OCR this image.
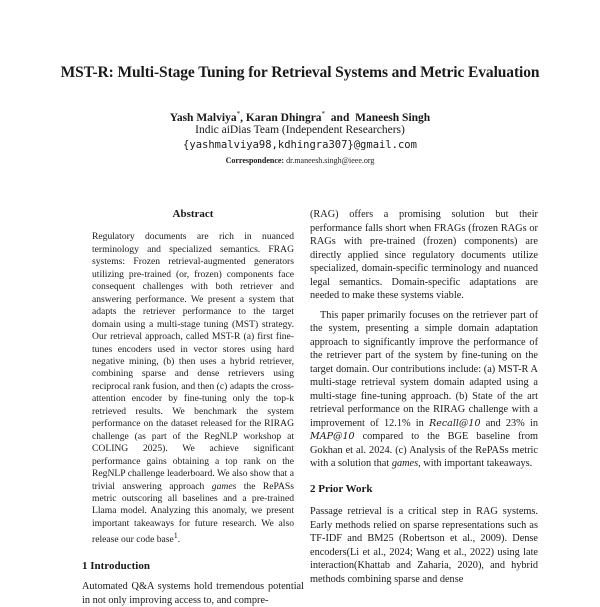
MST-R: Multi-Stage Tuning for Retrieval Systems and Metric Evaluation
Yash Malviya*, Karan Dhingra* and Maneesh Singh
Indic aiDias Team (Independent Researchers)
{yashmalviya98,kdhingra307}@gmail.com
Correspondence: dr.maneesh.singh@ieee.org
Abstract

Regulatory documents are rich in nuanced terminology and specialized semantics. FRAG systems: Frozen retrieval-augmented generators utilizing pre-trained (or, frozen) components face consequent challenges with both retriever and answering performance. We present a system that adapts the retriever performance to the target domain using a multi-stage tuning (MST) strategy. Our retrieval approach, called MST-R (a) first fine-tunes encoders used in vector stores using hard negative mining, (b) then uses a hybrid retriever, combining sparse and dense retrievers using reciprocal rank fusion, and then (c) adapts the cross-attention encoder by fine-tuning only the top-k retrieved results. We benchmark the system performance on the dataset released for the RIRAG challenge (as part of the RegNLP workshop at COLING 2025). We achieve significant performance gains obtaining a top rank on the RegNLP challenge leaderboard. We also show that a trivial answering approach games the RePASs metric outscoring all baselines and a pre-trained Llama model. Analyzing this anomaly, we present important takeaways for future research. We also release our code base$^1$.

1 Introduction

Automated Q&A systems hold tremendous potential in not only improving access to, and compre-

(RAG) offers a promising solution but their performance falls short when FRAGs (frozen RAGs or RAGs with pre-trained (frozen) components) are directly applied since regulatory documents utilize specialized, domain-specific terminology and nuanced legal semantics. Domain-specific adaptations are needed to make these systems viable.

This paper primarily focuses on the retriever part of the system, presenting a simple domain adaptation approach to significantly improve the performance of the retriever part of the system by fine-tuning on the target domain. Our contributions include: (a) MST-R A multi-stage retrieval system domain adapted using a multi-stage fine-tuning approach. (b) State of the art retrieval performance on the RIRAG challenge with a improvement of 12.1% in Recall@10 and 23% in MAP@10 compared to the BGE baseline from Gokhan et al. 2024. (c) Analysis of the RePASs metric with a solution that games, with important takeaways.

2 Prior Work

Passage retrieval is a critical step in RAG systems. Early methods relied on sparse representations such as TF-IDF and BM25 (Robertson et al., 2009). Dense encoders(Li et al., 2024; Wang et al., 2022) using late interaction(Khattab and Zaharia, 2020), and hybrid methods combining sparse and dense
